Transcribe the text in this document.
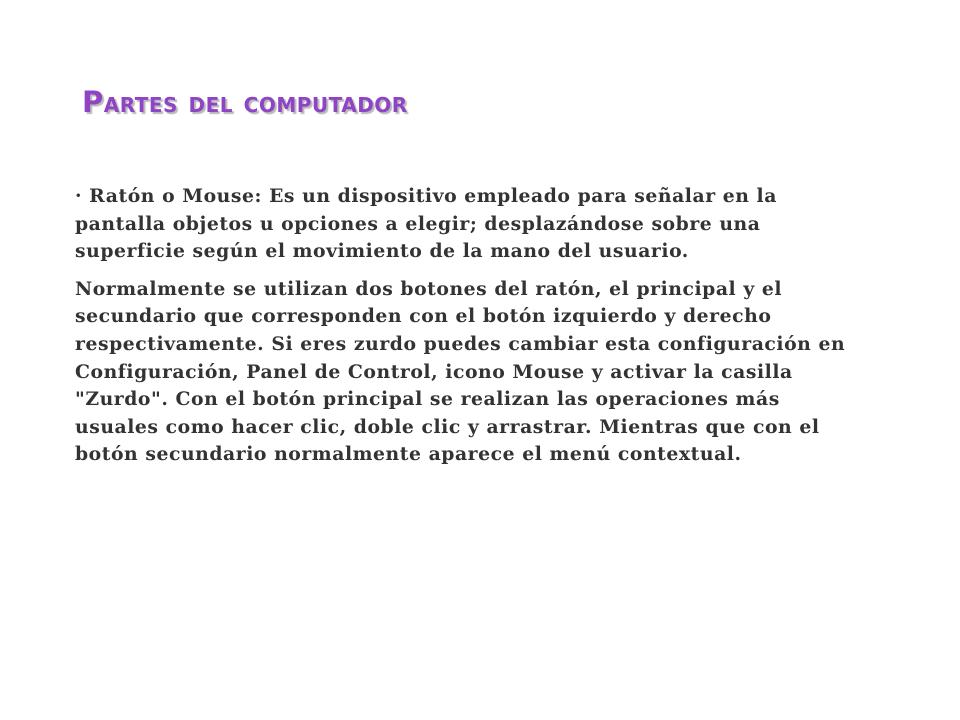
Partes del computador

· Ratón o Mouse: Es un dispositivo empleado para señalar en la pantalla objetos u opciones a elegir; desplazándose sobre una superficie según el movimiento de la mano del usuario.

Normalmente se utilizan dos botones del ratón, el principal y el secundario que corresponden con el botón izquierdo y derecho respectivamente. Si eres zurdo puedes cambiar esta configuración en Configuración, Panel de Control, icono Mouse y activar la casilla "Zurdo". Con el botón principal se realizan las operaciones más usuales como hacer clic, doble clic y arrastrar. Mientras que con el botón secundario normalmente aparece el menú contextual.
